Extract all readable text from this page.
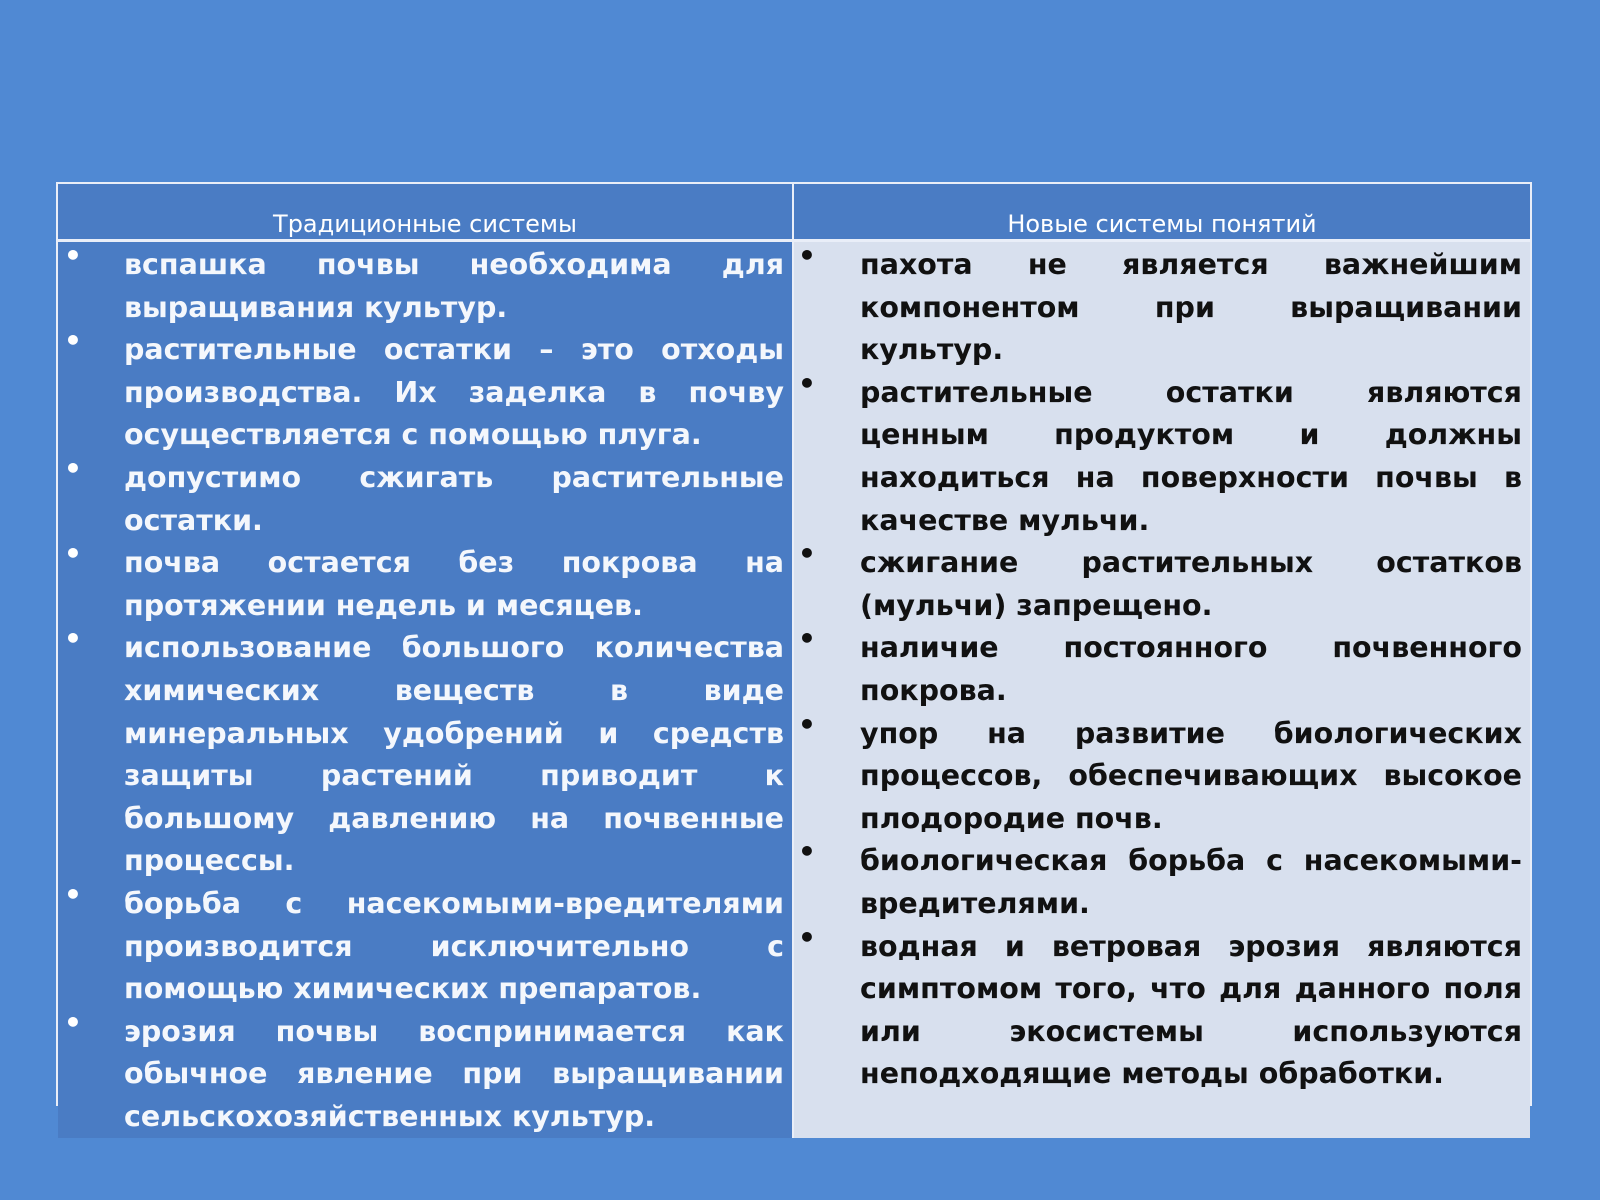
Традиционные системы	Новые системы понятий
• вспашка почвы необходима для выращивания культур.
• растительные остатки – это отходы производства. Их заделка в почву осуществляется с помощью плуга.
• допустимо сжигать растительные остатки.
• почва остается без покрова на протяжении недель и месяцев.
• использование большого количества химических веществ в виде минеральных удобрений и средств защиты растений приводит к большому давлению на почвенные процессы.
• борьба с насекомыми-вредителями производится исключительно с помощью химических препаратов.
• эрозия почвы воспринимается как обычное явление при выращивании сельскохозяйственных культур.
• пахота не является важнейшим компонентом при выращивании культур.
• растительные остатки являются ценным продуктом и должны находиться на поверхности почвы в качестве мульчи.
• сжигание растительных остатков (мульчи) запрещено.
• наличие постоянного почвенного покрова.
• упор на развитие биологических процессов, обеспечивающих высокое плодородие почв.
• биологическая борьба с насекомыми-вредителями.
• водная и ветровая эрозия являются симптомом того, что для данного поля или экосистемы используются неподходящие методы обработки.
